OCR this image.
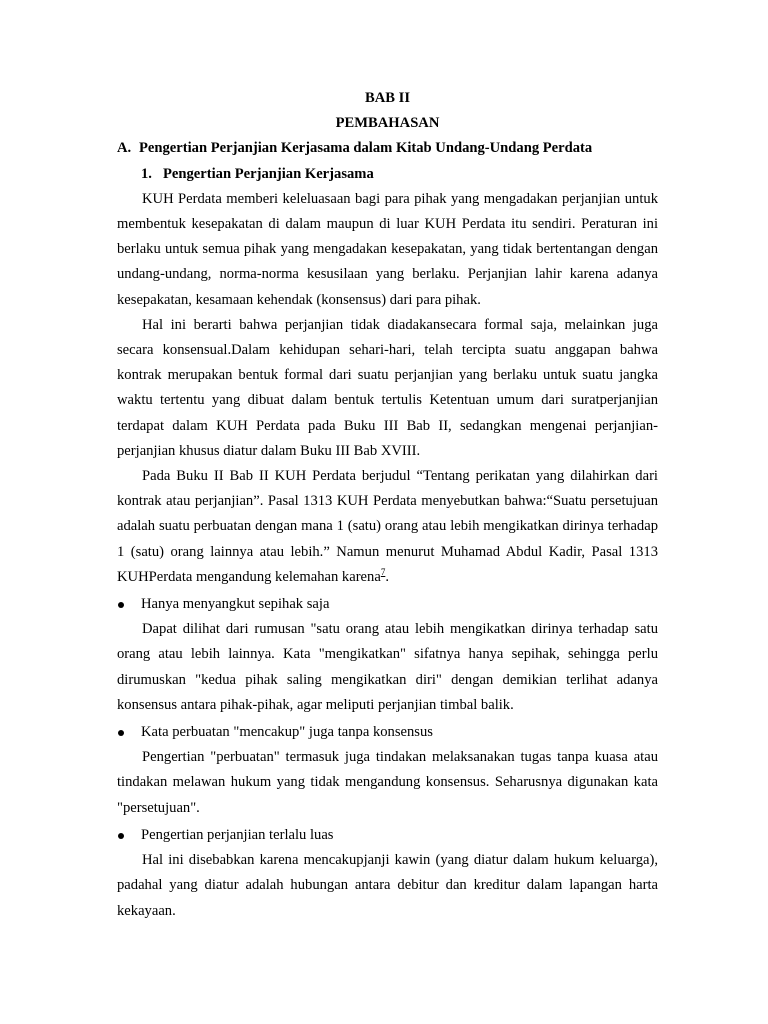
BAB II

PEMBAHASAN

A. Pengertian Perjanjian Kerjasama dalam Kitab Undang-Undang Perdata

1. Pengertian Perjanjian Kerjasama

KUH Perdata memberi keleluasaan bagi para pihak yang mengadakan perjanjian untuk membentuk kesepakatan di dalam maupun di luar KUH Perdata itu sendiri. Peraturan ini berlaku untuk semua pihak yang mengadakan kesepakatan, yang tidak bertentangan dengan undang-undang, norma-norma kesusilaan yang berlaku. Perjanjian lahir karena adanya kesepakatan, kesamaan kehendak (konsensus) dari para pihak.

Hal ini berarti bahwa perjanjian tidak diadakansecara formal saja, melainkan juga secara konsensual.Dalam kehidupan sehari-hari, telah tercipta suatu anggapan bahwa kontrak merupakan bentuk formal dari suatu perjanjian yang berlaku untuk suatu jangka waktu tertentu yang dibuat dalam bentuk tertulis Ketentuan umum dari suratperjanjian terdapat dalam KUH Perdata pada Buku III Bab II, sedangkan mengenai perjanjian-perjanjian khusus diatur dalam Buku III Bab XVIII.

Pada Buku II Bab II KUH Perdata berjudul “Tentang perikatan yang dilahirkan dari kontrak atau perjanjian”. Pasal 1313 KUH Perdata menyebutkan bahwa:“Suatu persetujuan adalah suatu perbuatan dengan mana 1 (satu) orang atau lebih mengikatkan dirinya terhadap 1 (satu) orang lainnya atau lebih.” Namun menurut Muhamad Abdul Kadir, Pasal 1313 KUHPerdata mengandung kelemahan karena$^7$.

Hanya menyangkut sepihak saja

Dapat dilihat dari rumusan "satu orang atau lebih mengikatkan dirinya terhadap satu orang atau lebih lainnya. Kata "mengikatkan" sifatnya hanya sepihak, sehingga perlu dirumuskan "kedua pihak saling mengikatkan diri" dengan demikian terlihat adanya konsensus antara pihak-pihak, agar meliputi perjanjian timbal balik.

Kata perbuatan "mencakup" juga tanpa konsensus

Pengertian "perbuatan" termasuk juga tindakan melaksanakan tugas tanpa kuasa atau tindakan melawan hukum yang tidak mengandung konsensus. Seharusnya digunakan kata "persetujuan".

Pengertian perjanjian terlalu luas

Hal ini disebabkan karena mencakupjanji kawin (yang diatur dalam hukum keluarga), padahal yang diatur adalah hubungan antara debitur dan kreditur dalam lapangan harta kekayaan.
